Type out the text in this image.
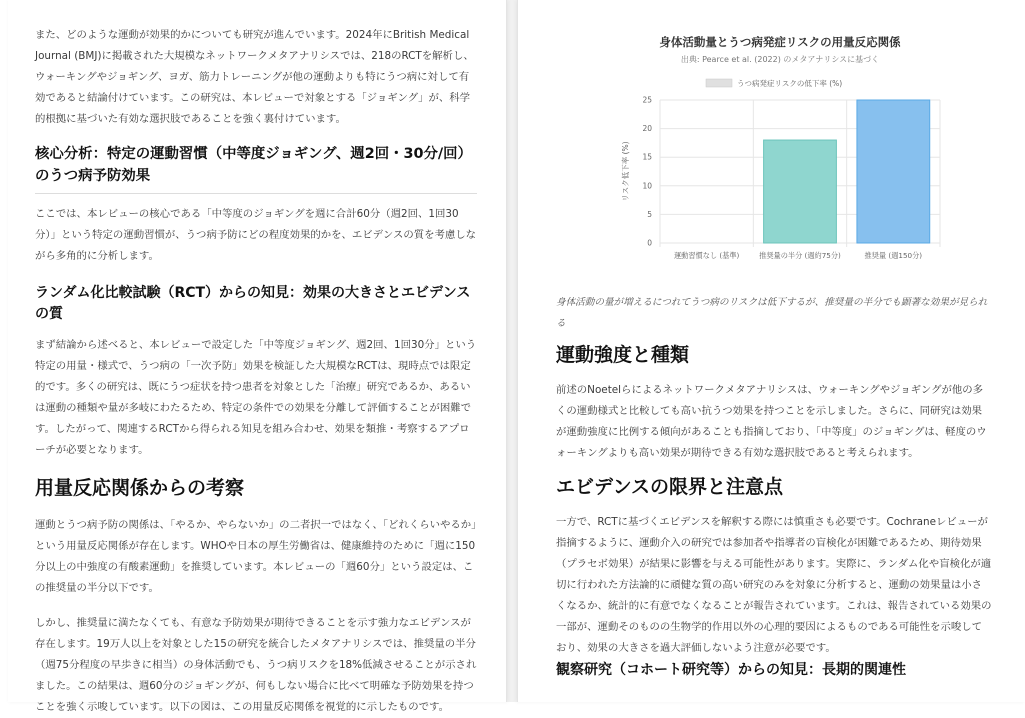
また、どのような運動が効果的かについても研究が進んでいます。2024年にBritish Medical Journal (BMJ)に掲載された大規模なネットワークメタアナリシスでは、218のRCTを解析し、ウォーキングやジョギング、ヨガ、筋力トレーニングが他の運動よりも特にうつ病に対して有効であると結論付けています。この研究は、本レビューで対象とする「ジョギング」が、科学的根拠に基づいた有効な選択肢であることを強く裏付けています。

核心分析：特定の運動習慣（中等度ジョギング、週2回・30分/回）のうつ病予防効果

ここでは、本レビューの核心である「中等度のジョギングを週に合計60分（週2回、1回30分）」という特定の運動習慣が、うつ病予防にどの程度効果的かを、エビデンスの質を考慮しながら多角的に分析します。

ランダム化比較試験（RCT）からの知見：効果の大きさとエビデンスの質

まず結論から述べると、本レビューで設定した「中等度ジョギング、週2回、1回30分」という特定の用量・様式で、うつ病の「一次予防」効果を検証した大規模なRCTは、現時点では限定的です。多くの研究は、既にうつ症状を持つ患者を対象とした「治療」研究であるか、あるいは運動の種類や量が多岐にわたるため、特定の条件での効果を分離して評価することが困難です。したがって、関連するRCTから得られる知見を組み合わせ、効果を類推・考察するアプローチが必要となります。

用量反応関係からの考察

運動とうつ病予防の関係は、「やるか、やらないか」の二者択一ではなく、「どれくらいやるか」という用量反応関係が存在します。WHOや日本の厚生労働省は、健康維持のために「週に150分以上の中強度の有酸素運動」を推奨しています。本レビューの「週60分」という設定は、この推奨量の半分以下です。

しかし、推奨量に満たなくても、有意な予防効果が期待できることを示す強力なエビデンスが存在します。19万人以上を対象とした15の研究を統合したメタアナリシスでは、推奨量の半分（週75分程度の早歩きに相当）の身体活動でも、うつ病リスクを18%低減させることが示されました。この結果は、週60分のジョギングが、何もしない場合に比べて明確な予防効果を持つことを強く示唆しています。以下の図は、この用量反応関係を視覚的に示したものです。

身体活動量とうつ病発症リスクの用量反応関係
出典: Pearce et al. (2022) のメタアナリシスに基づく
うつ病発症リスクの低下率 (%)
0
5
10
15
20
25
運動習慣なし (基準)	推奨量の半分 (週約75分)	推奨量 (週150分)
リスク低下率 (%)

身体活動の量が増えるにつれてうつ病のリスクは低下するが、推奨量の半分でも顕著な効果が見られる

運動強度と種類

前述のNoetelらによるネットワークメタアナリシスは、ウォーキングやジョギングが他の多くの運動様式と比較しても高い抗うつ効果を持つことを示しました。さらに、同研究は効果が運動強度に比例する傾向があることも指摘しており、「中等度」のジョギングは、軽度のウォーキングよりも高い効果が期待できる有効な選択肢であると考えられます。

エビデンスの限界と注意点

一方で、RCTに基づくエビデンスを解釈する際には慎重さも必要です。Cochraneレビューが指摘するように、運動介入の研究では参加者や指導者の盲検化が困難であるため、期待効果（プラセボ効果）が結果に影響を与える可能性があります。実際に、ランダム化や盲検化が適切に行われた方法論的に頑健な質の高い研究のみを対象に分析すると、運動の効果量は小さくなるか、統計的に有意でなくなることが報告されています。これは、報告されている効果の一部が、運動そのものの生物学的作用以外の心理的要因によるものである可能性を示唆しており、効果の大きさを過大評価しないよう注意が必要です。

観察研究（コホート研究等）からの知見：長期的関連性
